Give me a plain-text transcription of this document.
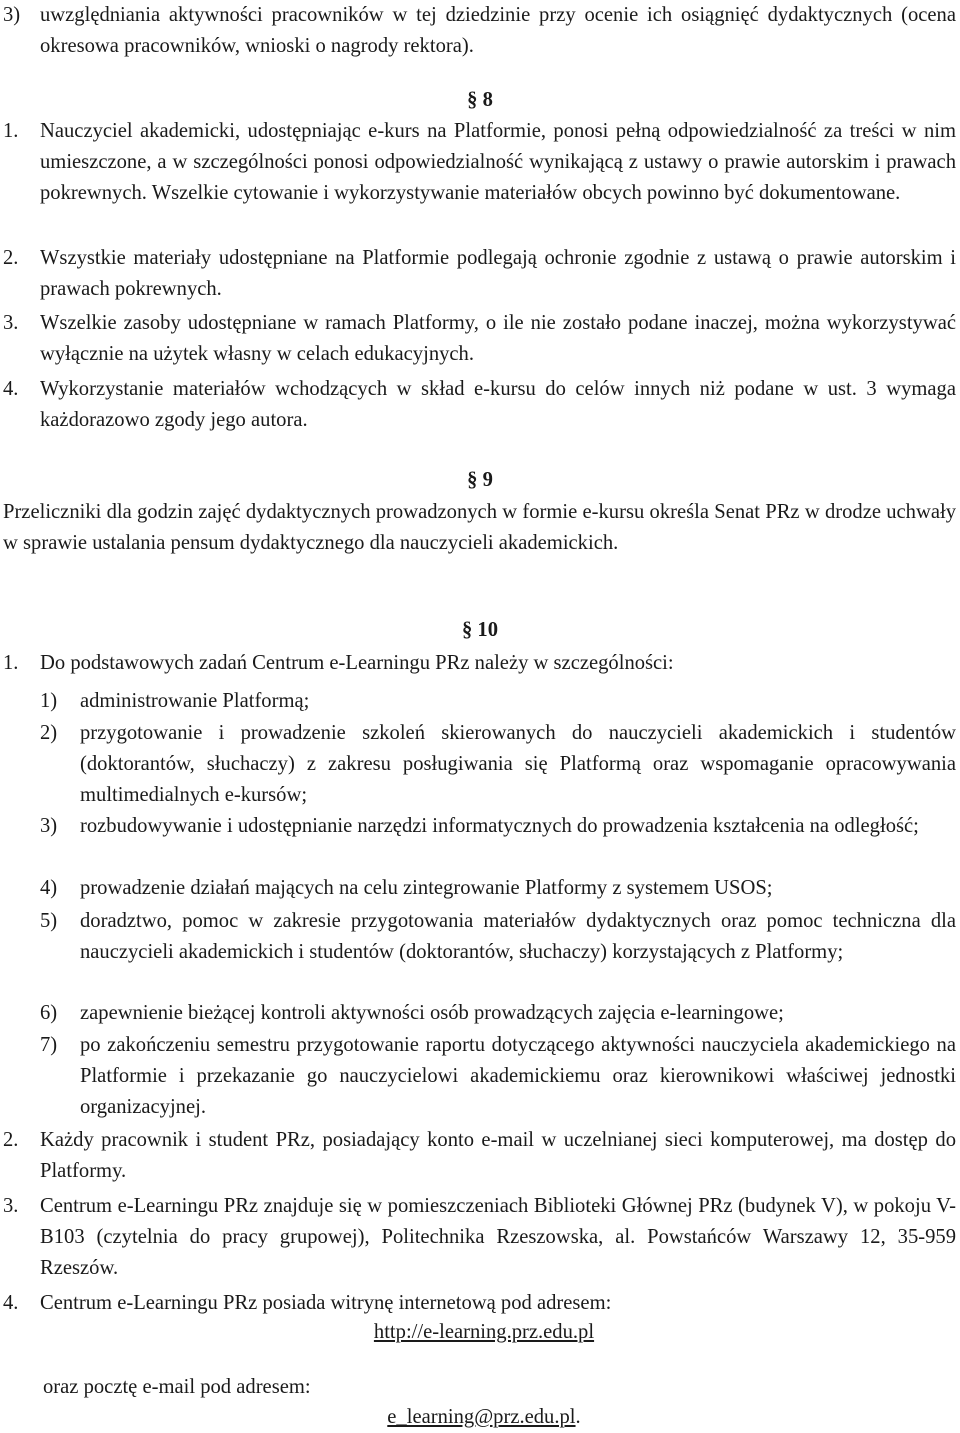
3) uwzględniania aktywności pracowników w tej dziedzinie przy ocenie ich osiągnięć dydaktycznych (ocena okresowa pracowników, wnioski o nagrody rektora).
§ 8
1. Nauczyciel akademicki, udostępniając e-kurs na Platformie, ponosi pełną odpowiedzialność za treści w nim umieszczone, a w szczególności ponosi odpowiedzialność wynikającą z ustawy o prawie autorskim i prawach pokrewnych. Wszelkie cytowanie i wykorzystywanie materiałów obcych powinno być dokumentowane.
2. Wszystkie materiały udostępniane na Platformie podlegają ochronie zgodnie z ustawą o prawie autorskim i prawach pokrewnych.
3. Wszelkie zasoby udostępniane w ramach Platformy, o ile nie zostało podane inaczej, można wykorzystywać wyłącznie na użytek własny w celach edukacyjnych.
4. Wykorzystanie materiałów wchodzących w skład e-kursu do celów innych niż podane w ust. 3 wymaga każdorazowo zgody jego autora.
§ 9
Przeliczniki dla godzin zajęć dydaktycznych prowadzonych w formie e-kursu określa Senat PRz w drodze uchwały w sprawie ustalania pensum dydaktycznego dla nauczycieli akademickich.
§ 10
1. Do podstawowych zadań Centrum e-Learningu PRz należy w szczególności:
1) administrowanie Platformą;
2) przygotowanie i prowadzenie szkoleń skierowanych do nauczycieli akademickich i studentów (doktorantów, słuchaczy) z zakresu posługiwania się Platformą oraz wspomaganie opracowywania multimedialnych e-kursów;
3) rozbudowywanie i udostępnianie narzędzi informatycznych do prowadzenia kształcenia na odległość;
4) prowadzenie działań mających na celu zintegrowanie Platformy z systemem USOS;
5) doradztwo, pomoc w zakresie przygotowania materiałów dydaktycznych oraz pomoc techniczna dla nauczycieli akademickich i studentów (doktorantów, słuchaczy) korzystających z Platformy;
6) zapewnienie bieżącej kontroli aktywności osób prowadzących zajęcia e-learningowe;
7) po zakończeniu semestru przygotowanie raportu dotyczącego aktywności nauczyciela akademickiego na Platformie i przekazanie go nauczycielowi akademickiemu oraz kierownikowi właściwej jednostki organizacyjnej.
2. Każdy pracownik i student PRz, posiadający konto e-mail w uczelnianej sieci komputerowej, ma dostęp do Platformy.
3. Centrum e-Learningu PRz znajduje się w pomieszczeniach Biblioteki Głównej PRz (budynek V), w pokoju V-B103 (czytelnia do pracy grupowej), Politechnika Rzeszowska, al. Powstańców Warszawy 12, 35-959 Rzeszów.
4. Centrum e-Learningu PRz posiada witrynę internetową pod adresem:
http://e-learning.prz.edu.pl
oraz pocztę e-mail pod adresem:
e_learning@prz.edu.pl.
